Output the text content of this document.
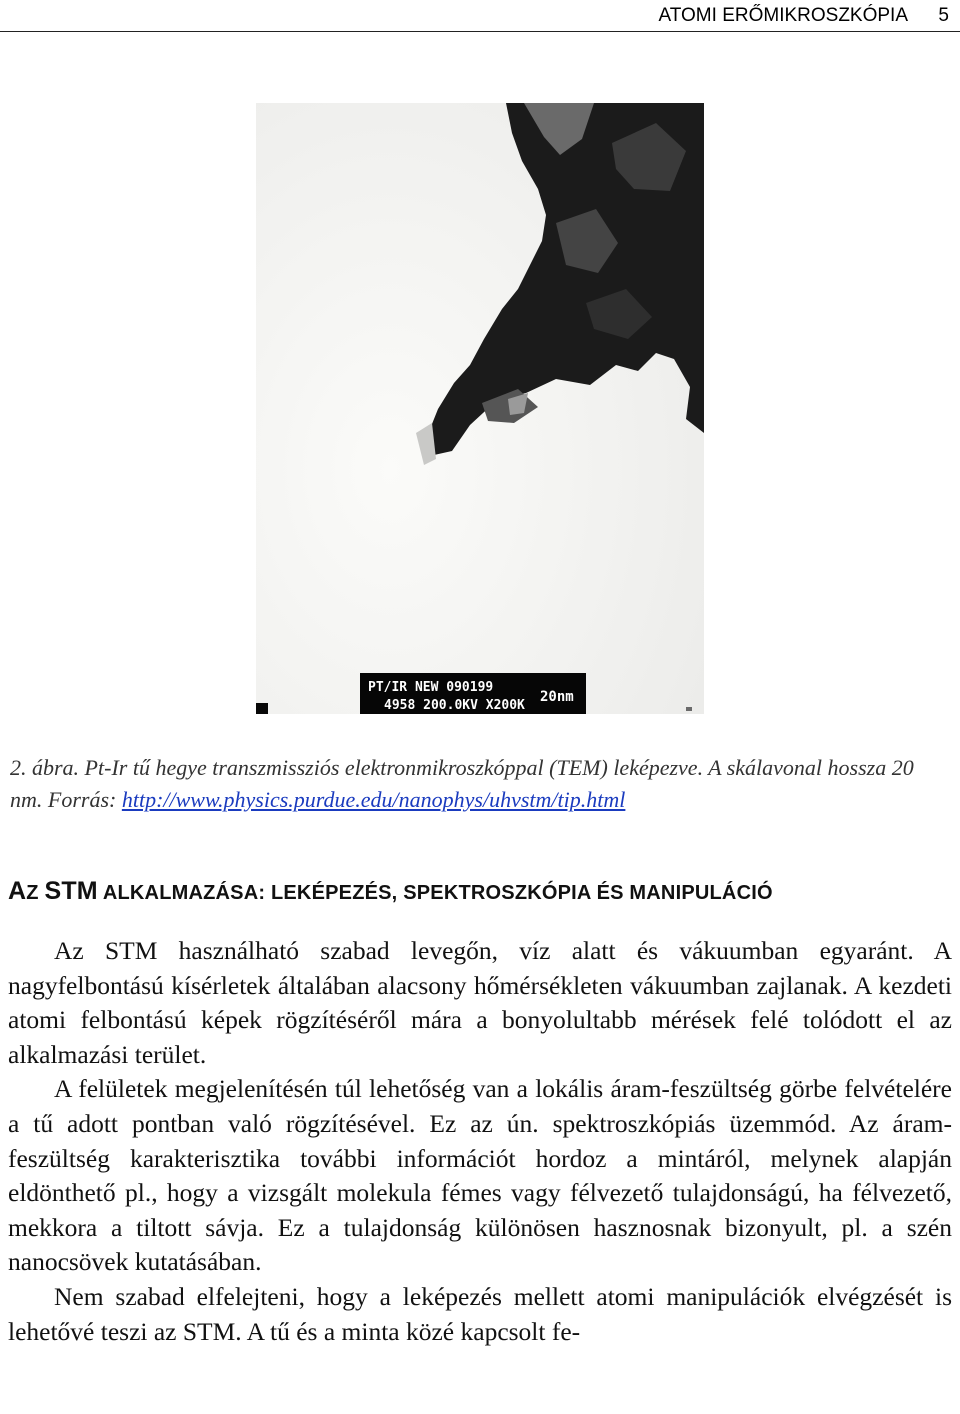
ATOMI ERŐMIKROSZKÓPIA 5
PT/IR NEW 090199
4958 200.0KV X200K
20nm
2. ábra. Pt-Ir tű hegye transzmissziós elektronmikroszkóppal (TEM) leképezve. A skálavonal hossza 20 nm. Forrás: http://www.physics.purdue.edu/nanophys/uhvstm/tip.html
AZ STM ALKALMAZÁSA: LEKÉPEZÉS, SPEKTROSZKÓPIA ÉS MANIPULÁCIÓ

Az STM használható szabad levegőn, víz alatt és vákuumban egyaránt. A nagyfelbontású kísérletek általában alacsony hőmérsékleten vákuumban zajlanak. A kezdeti atomi felbontású képek rögzítéséről mára a bonyolultabb mérések felé tolódott el az alkalmazási terület.

A felületek megjelenítésén túl lehetőség van a lokális áram-feszültség görbe felvételére a tű adott pontban való rögzítésével. Ez az ún. spektroszkópiás üzemmód. Az áram-feszültség karakterisztika további információt hordoz a mintáról, melynek alapján eldönthető pl., hogy a vizsgált molekula fémes vagy félvezető tulajdonságú, ha félvezető, mekkora a tiltott sávja. Ez a tulajdonság különösen hasznosnak bizonyult, pl. a szén nanocsövek kutatásában.

Nem szabad elfelejteni, hogy a leképezés mellett atomi manipulációk elvégzését is lehetővé teszi az STM. A tű és a minta közé kapcsolt fe-
